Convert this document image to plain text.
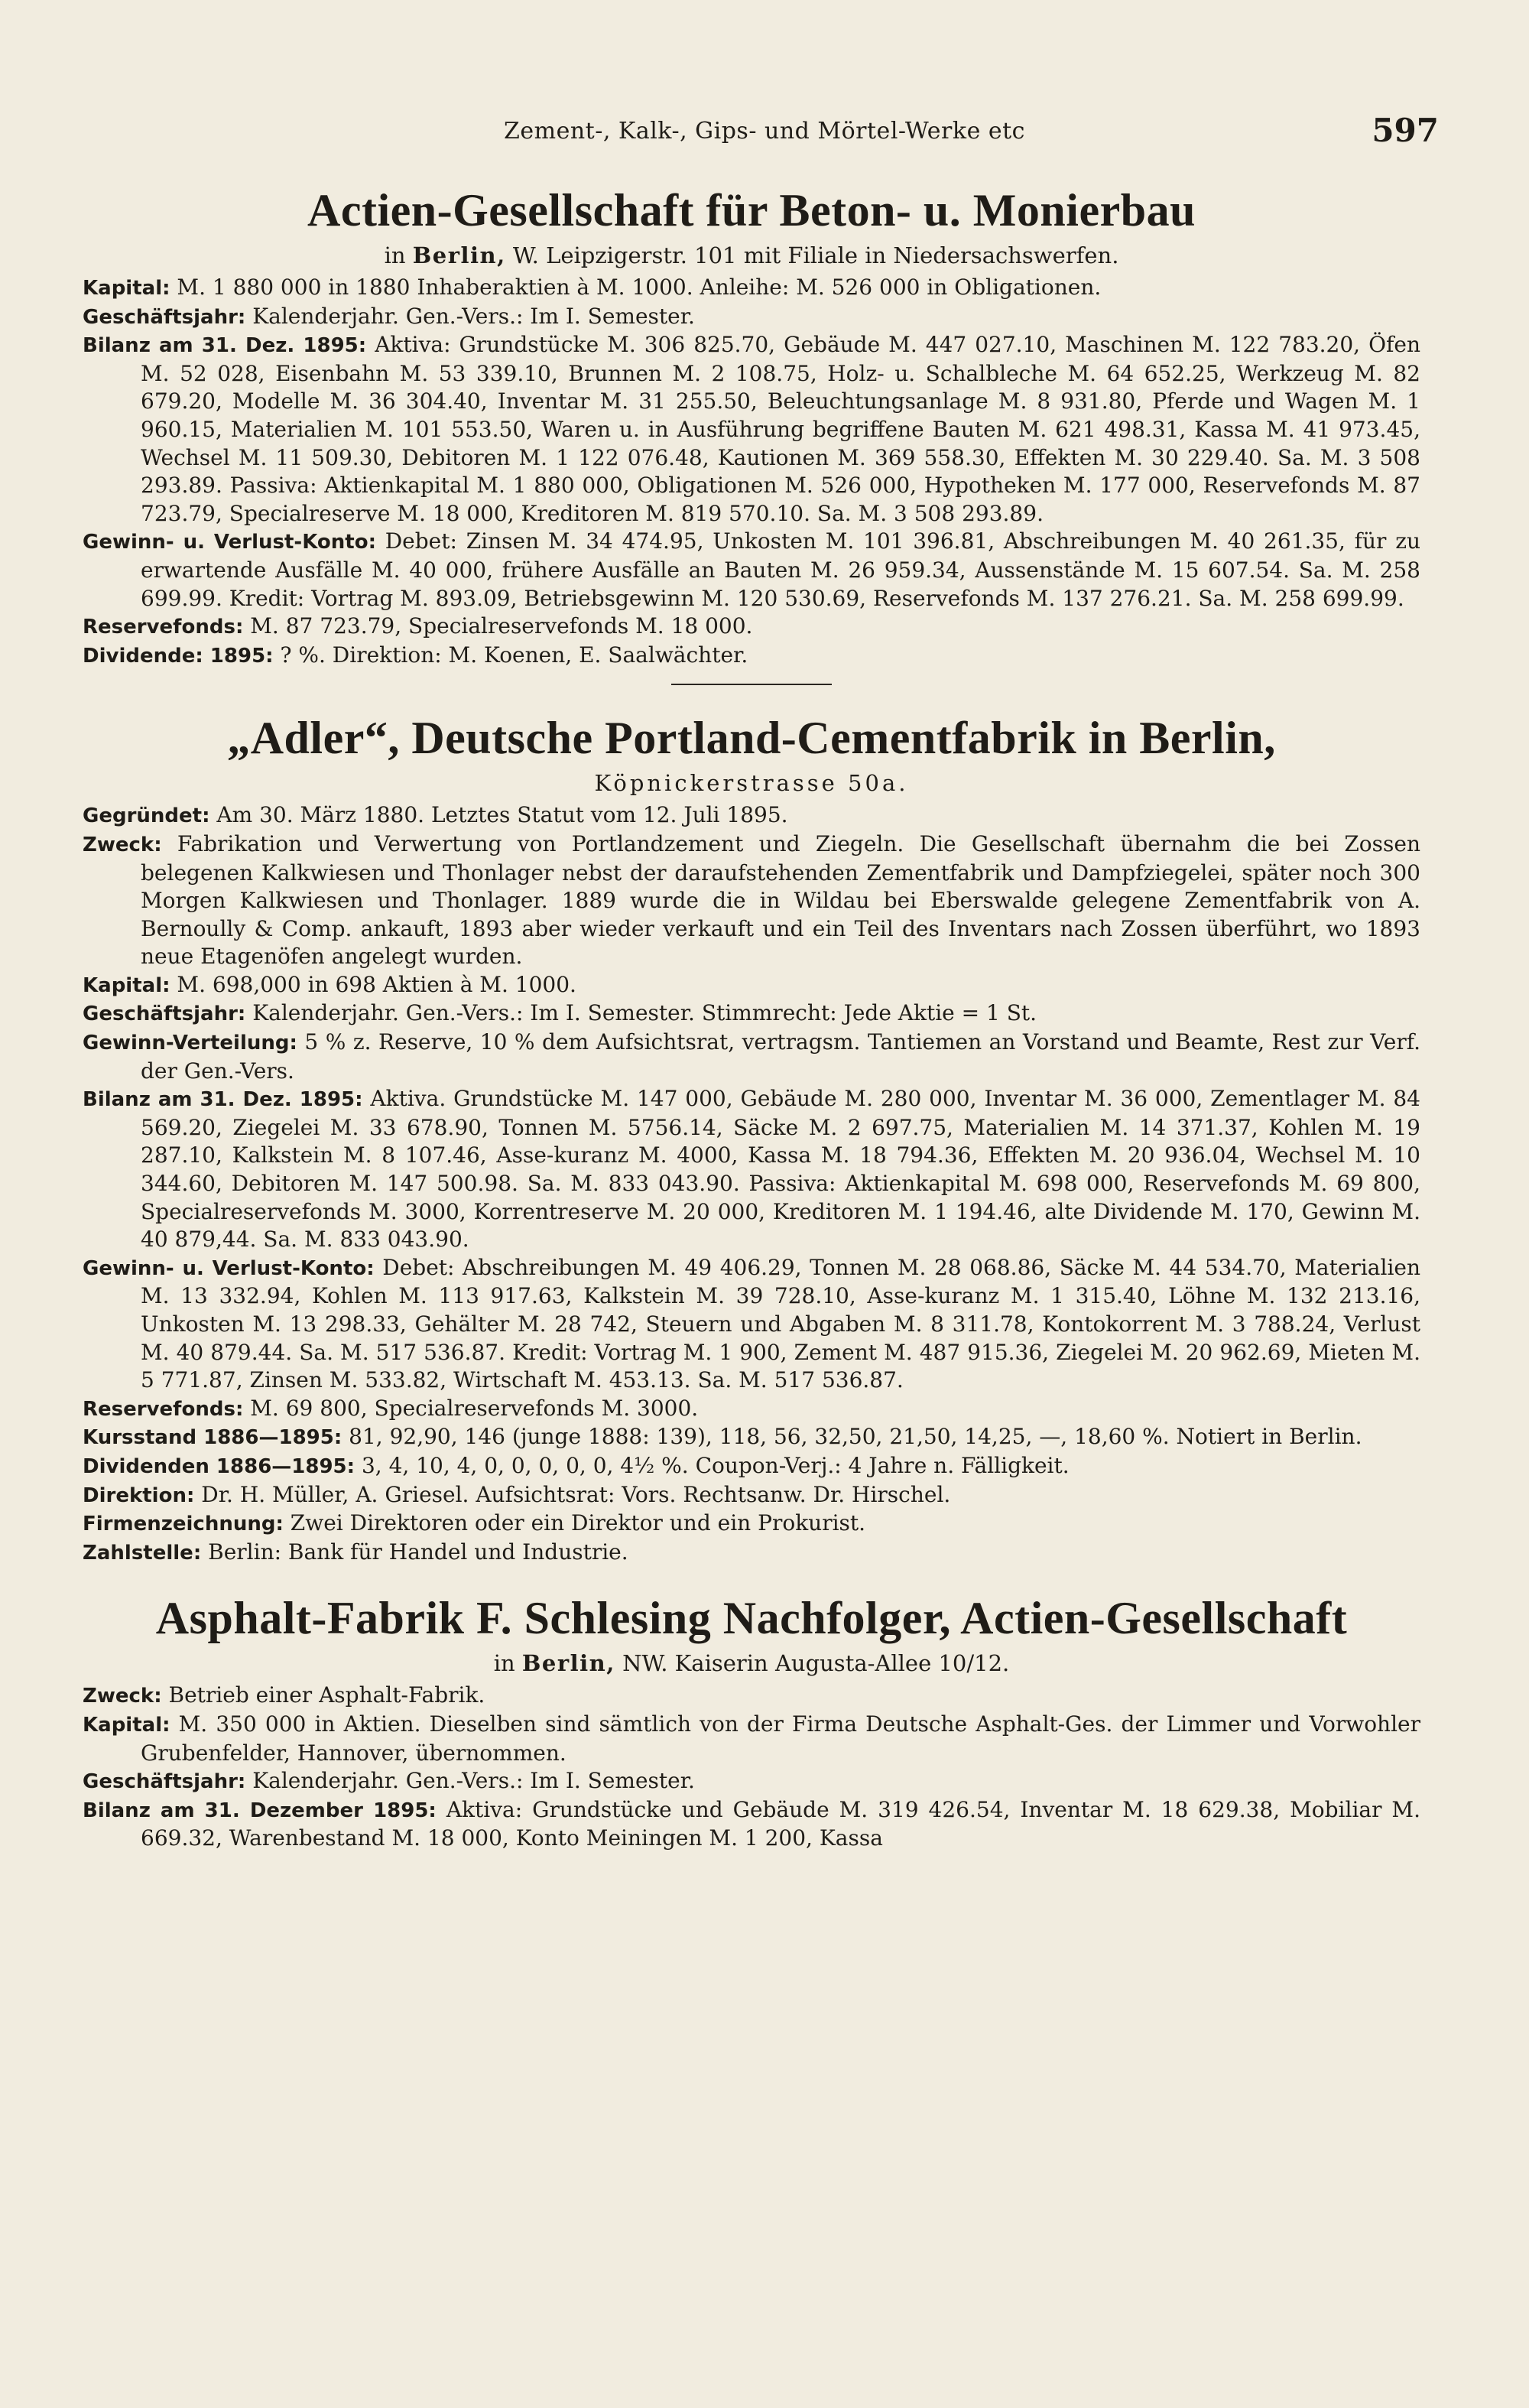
Zement-, Kalk-, Gips- und Mörtel-Werke etc	597
Actien-Gesellschaft für Beton- u. Monierbau

in Berlin, W. Leipzigerstr. 101 mit Filiale in Niedersachswerfen.

Kapital: M. 1 880 000 in 1880 Inhaberaktien à M. 1000. Anleihe: M. 526 000 in Obligationen.

Geschäftsjahr: Kalenderjahr. Gen.-Vers.: Im I. Semester.

Bilanz am 31. Dez. 1895: Aktiva: Grundstücke M. 306 825.70, Gebäude M. 447 027.10, Maschinen M. 122 783.20, Öfen M. 52 028, Eisenbahn M. 53 339.10, Brunnen M. 2 108.75, Holz- u. Schalbleche M. 64 652.25, Werkzeug M. 82 679.20, Modelle M. 36 304.40, Inventar M. 31 255.50, Beleuchtungsanlage M. 8 931.80, Pferde und Wagen M. 1 960.15, Materialien M. 101 553.50, Waren u. in Ausführung begriffene Bauten M. 621 498.31, Kassa M. 41 973.45, Wechsel M. 11 509.30, Debitoren M. 1 122 076.48, Kautionen M. 369 558.30, Effekten M. 30 229.40. Sa. M. 3 508 293.89. Passiva: Aktienkapital M. 1 880 000, Obligationen M. 526 000, Hypotheken M. 177 000, Reservefonds M. 87 723.79, Specialreserve M. 18 000, Kreditoren M. 819 570.10. Sa. M. 3 508 293.89.

Gewinn- u. Verlust-Konto: Debet: Zinsen M. 34 474.95, Unkosten M. 101 396.81, Abschreibungen M. 40 261.35, für zu erwartende Ausfälle M. 40 000, frühere Ausfälle an Bauten M. 26 959.34, Aussenstände M. 15 607.54. Sa. M. 258 699.99. Kredit: Vortrag M. 893.09, Betriebsgewinn M. 120 530.69, Reservefonds M. 137 276.21. Sa. M. 258 699.99.

Reservefonds: M. 87 723.79, Specialreservefonds M. 18 000.

Dividende: 1895: ? %. Direktion: M. Koenen, E. Saalwächter.

„Adler“, Deutsche Portland-Cementfabrik in Berlin,

Köpnickerstrasse 50a.

Gegründet: Am 30. März 1880. Letztes Statut vom 12. Juli 1895.

Zweck: Fabrikation und Verwertung von Portlandzement und Ziegeln. Die Gesellschaft übernahm die bei Zossen belegenen Kalkwiesen und Thonlager nebst der daraufstehenden Zementfabrik und Dampfziegelei, später noch 300 Morgen Kalkwiesen und Thonlager. 1889 wurde die in Wildau bei Eberswalde gelegene Zementfabrik von A. Bernoully & Comp. ankauft, 1893 aber wieder verkauft und ein Teil des Inventars nach Zossen überführt, wo 1893 neue Etagenöfen angelegt wurden.

Kapital: M. 698,000 in 698 Aktien à M. 1000.

Geschäftsjahr: Kalenderjahr. Gen.-Vers.: Im I. Semester. Stimmrecht: Jede Aktie = 1 St.

Gewinn-Verteilung: 5 % z. Reserve, 10 % dem Aufsichtsrat, vertragsm. Tantiemen an Vorstand und Beamte, Rest zur Verf. der Gen.-Vers.

Bilanz am 31. Dez. 1895: Aktiva. Grundstücke M. 147 000, Gebäude M. 280 000, Inventar M. 36 000, Zementlager M. 84 569.20, Ziegelei M. 33 678.90, Tonnen M. 5756.14, Säcke M. 2 697.75, Materialien M. 14 371.37, Kohlen M. 19 287.10, Kalkstein M. 8 107.46, Asse-kuranz M. 4000, Kassa M. 18 794.36, Effekten M. 20 936.04, Wechsel M. 10 344.60, Debitoren M. 147 500.98. Sa. M. 833 043.90. Passiva: Aktienkapital M. 698 000, Reservefonds M. 69 800, Specialreservefonds M. 3000, Korrentreserve M. 20 000, Kreditoren M. 1 194.46, alte Dividende M. 170, Gewinn M. 40 879,44. Sa. M. 833 043.90.

Gewinn- u. Verlust-Konto: Debet: Abschreibungen M. 49 406.29, Tonnen M. 28 068.86, Säcke M. 44 534.70, Materialien M. 13 332.94, Kohlen M. 113 917.63, Kalkstein M. 39 728.10, Asse-kuranz M. 1 315.40, Löhne M. 132 213.16, Unkosten M. 13 298.33, Gehälter M. 28 742, Steuern und Abgaben M. 8 311.78, Kontokorrent M. 3 788.24, Verlust M. 40 879.44. Sa. M. 517 536.87. Kredit: Vortrag M. 1 900, Zement M. 487 915.36, Ziegelei M. 20 962.69, Mieten M. 5 771.87, Zinsen M. 533.82, Wirtschaft M. 453.13. Sa. M. 517 536.87.

Reservefonds: M. 69 800, Specialreservefonds M. 3000.

Kursstand 1886—1895: 81, 92,90, 146 (junge 1888: 139), 118, 56, 32,50, 21,50, 14,25, —, 18,60 %. Notiert in Berlin.

Dividenden 1886—1895: 3, 4, 10, 4, 0, 0, 0, 0, 0, 4½ %. Coupon-Verj.: 4 Jahre n. Fälligkeit.

Direktion: Dr. H. Müller, A. Griesel. Aufsichtsrat: Vors. Rechtsanw. Dr. Hirschel.

Firmenzeichnung: Zwei Direktoren oder ein Direktor und ein Prokurist.

Zahlstelle: Berlin: Bank für Handel und Industrie.

Asphalt-Fabrik F. Schlesing Nachfolger, Actien-Gesellschaft

in Berlin, NW. Kaiserin Augusta-Allee 10/12.

Zweck: Betrieb einer Asphalt-Fabrik.

Kapital: M. 350 000 in Aktien. Dieselben sind sämtlich von der Firma Deutsche Asphalt-Ges. der Limmer und Vorwohler Grubenfelder, Hannover, übernommen.

Geschäftsjahr: Kalenderjahr. Gen.-Vers.: Im I. Semester.

Bilanz am 31. Dezember 1895: Aktiva: Grundstücke und Gebäude M. 319 426.54, Inventar M. 18 629.38, Mobiliar M. 669.32, Warenbestand M. 18 000, Konto Meiningen M. 1 200, Kassa
